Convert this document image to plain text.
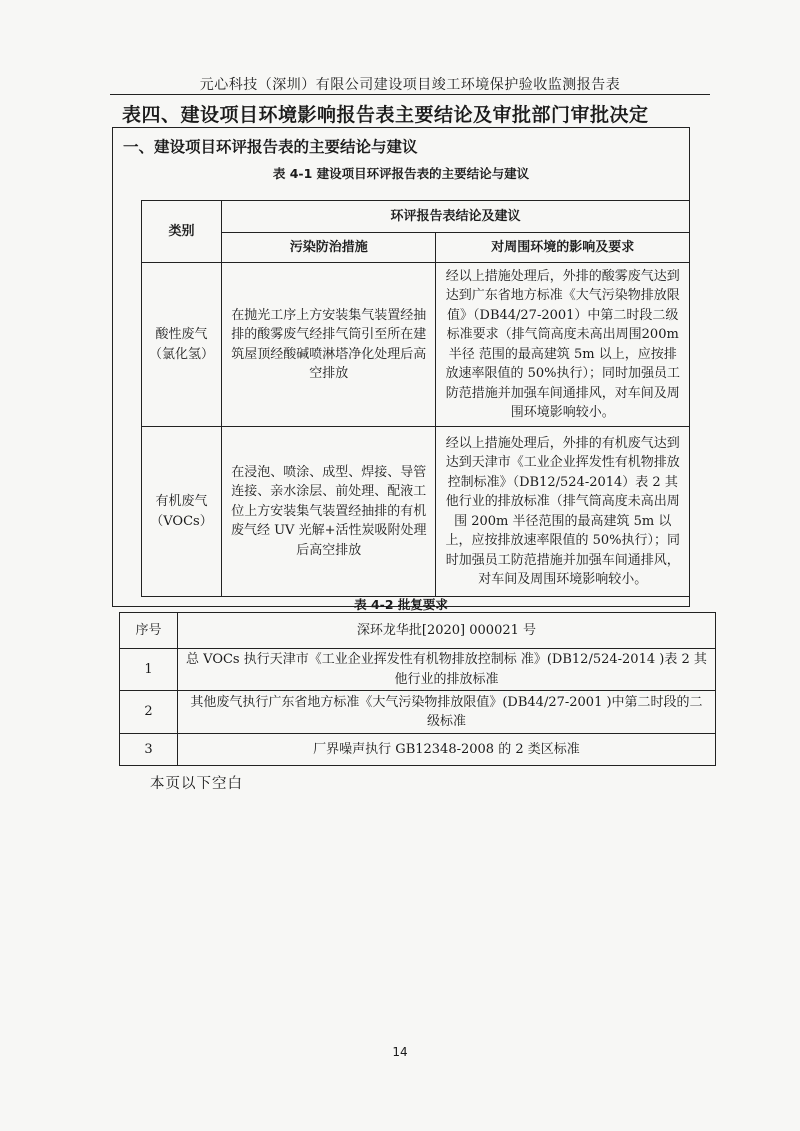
元心科技（深圳）有限公司建设项目竣工环境保护验收监测报告表
表四、建设项目环境影响报告表主要结论及审批部门审批决定
一、建设项目环评报告表的主要结论与建议
表 4-1 建设项目环评报告表的主要结论与建议
类别	环评报告表结论及建议	
	污染防治措施	对周围环境的影响及要求

酸性废气
（氯化氢）	在抛光工序上方安装集气装置经抽排的酸雾废气经排气筒引至所在建筑屋顶经酸碱喷淋塔净化处理后高空排放	经以上措施处理后，外排的酸雾废气达到达到广东省地方标准《大气污染物排放限值》（DB44/27-2001）中第二时段二级标准要求（排气筒高度未高出周围200m半径 范围的最高建筑 5m 以上，应按排放速率限值的 50%执行）；同时加强员工防范措施并加强车间通排风，对车间及周围环境影响较小。

有机废气
（VOCs）	在浸泡、喷涂、成型、焊接、导管连接、亲水涂层、前处理、配液工位上方安装集气装置经抽排的有机废气经 UV 光解+活性炭吸附处理后高空排放	经以上措施处理后，外排的有机废气达到达到天津市《工业企业挥发性有机物排放控制标准》（DB12/524-2014）表 2 其他行业的排放标准（排气筒高度未高出周围 200m 半径范围的最高建筑 5m 以上，应按排放速率限值的 50%执行）；同时加强员工防范措施并加强车间通排风，对车间及周围环境影响较小。
表 4-2 批复要求
序号	深环龙华批[2020] 000021 号
1	总 VOCs 执行天津市《工业企业挥发性有机物排放控制标 准》(DB12/524-2014 )表 2 其他行业的排放标准
2	其他废气执行广东省地方标准《大气污染物排放限值》(DB44/27-2001 )中第二时段的二级标准
3	厂界噪声执行 GB12348-2008 的 2 类区标准
本页以下空白
14
